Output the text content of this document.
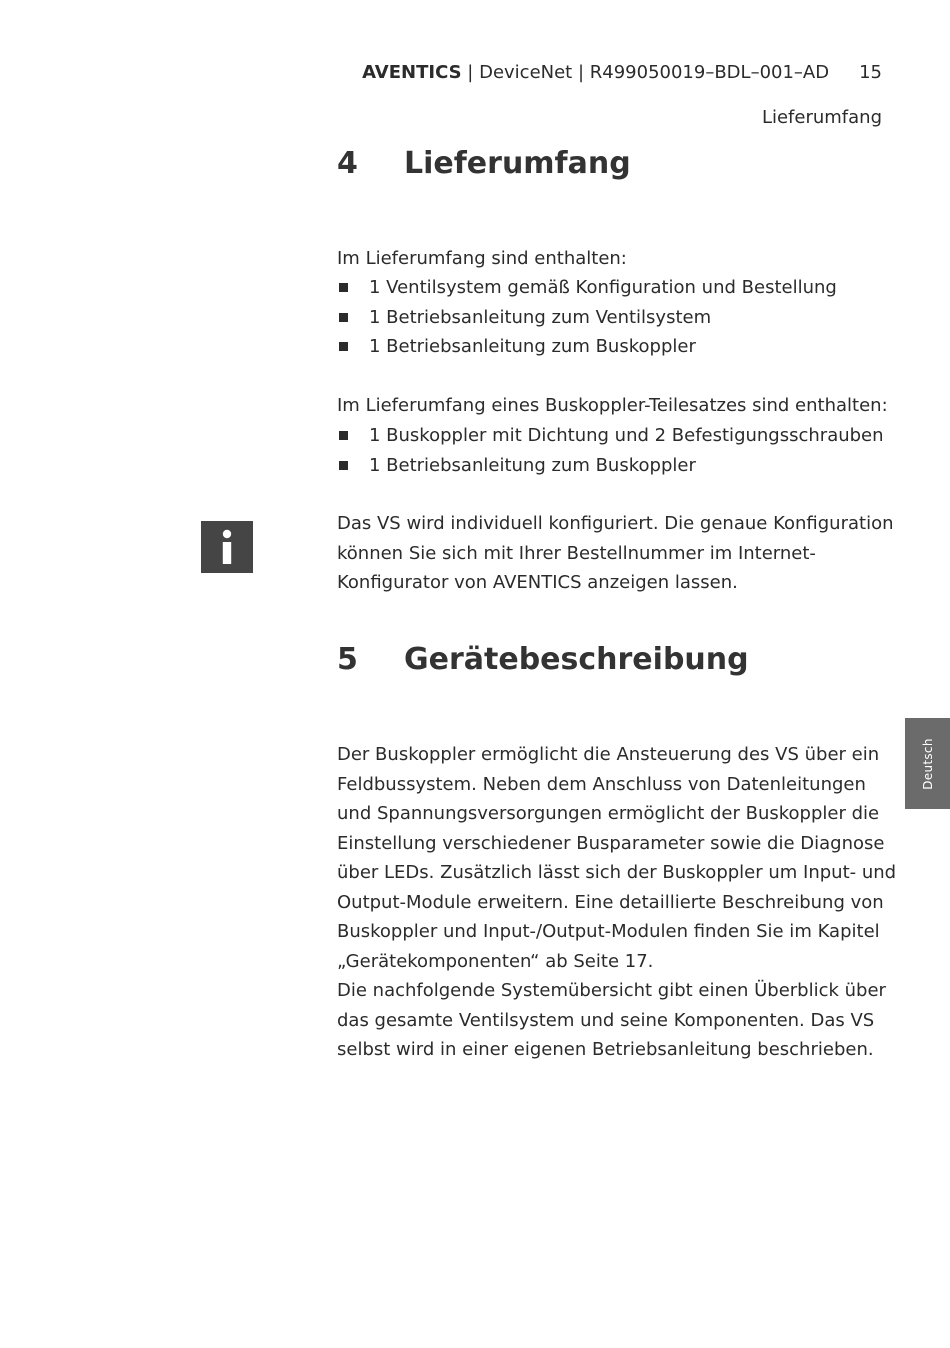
AVENTICS | DeviceNet | R499050019–BDL–001–AD 15
Lieferumfang
4 Lieferumfang

Im Lieferumfang sind enthalten:

1 Ventilsystem gemäß Konfiguration und Bestellung
1 Betriebsanleitung zum Ventilsystem
1 Betriebsanleitung zum Buskoppler

Im Lieferumfang eines Buskoppler-Teilesatzes sind enthalten:

1 Buskoppler mit Dichtung und 2 Befestigungsschrauben
1 Betriebsanleitung zum Buskoppler

Das VS wird individuell konfiguriert. Die genaue Konfiguration können Sie sich mit Ihrer Bestellnummer im Internet-Konfigurator von AVENTICS anzeigen lassen.

5 Gerätebeschreibung

Der Buskoppler ermöglicht die Ansteuerung des VS über ein Feldbussystem. Neben dem Anschluss von Datenleitungen und Spannungsversorgungen ermöglicht der Buskoppler die Einstellung verschiedener Busparameter sowie die Diagnose über LEDs. Zusätzlich lässt sich der Buskoppler um Input- und Output-Module erweitern. Eine detaillierte Beschreibung von Buskoppler und Input-/Output-Modulen finden Sie im Kapitel „Gerätekomponenten“ ab Seite 17.
Die nachfolgende Systemübersicht gibt einen Überblick über das gesamte Ventilsystem und seine Komponenten. Das VS selbst wird in einer eigenen Betriebsanleitung beschrieben.

Deutsch
